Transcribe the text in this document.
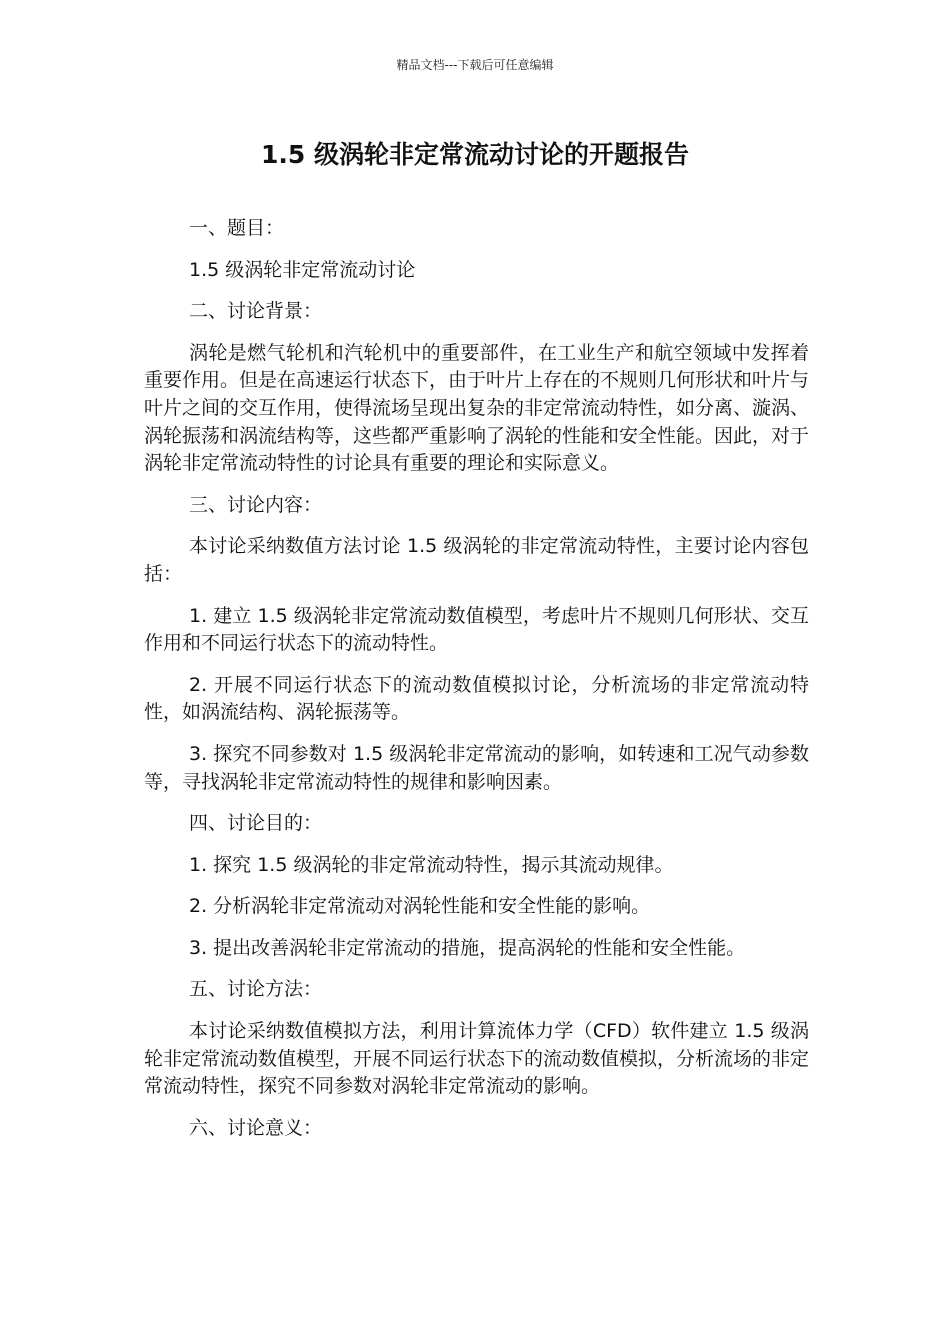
精品文档---下载后可任意编辑
1.5 级涡轮非定常流动讨论的开题报告

一、题目：

1.5 级涡轮非定常流动讨论

二、讨论背景：

涡轮是燃气轮机和汽轮机中的重要部件，在工业生产和航空领域中发挥着重要作用。但是在高速运行状态下，由于叶片上存在的不规则几何形状和叶片与叶片之间的交互作用，使得流场呈现出复杂的非定常流动特性，如分离、漩涡、涡轮振荡和涡流结构等，这些都严重影响了涡轮的性能和安全性能。因此，对于涡轮非定常流动特性的讨论具有重要的理论和实际意义。

三、讨论内容：

本讨论采纳数值方法讨论 1.5 级涡轮的非定常流动特性，主要讨论内容包括：

1. 建立 1.5 级涡轮非定常流动数值模型，考虑叶片不规则几何形状、交互作用和不同运行状态下的流动特性。

2. 开展不同运行状态下的流动数值模拟讨论，分析流场的非定常流动特性，如涡流结构、涡轮振荡等。

3. 探究不同参数对 1.5 级涡轮非定常流动的影响，如转速和工况气动参数等，寻找涡轮非定常流动特性的规律和影响因素。

四、讨论目的：

1. 探究 1.5 级涡轮的非定常流动特性，揭示其流动规律。

2. 分析涡轮非定常流动对涡轮性能和安全性能的影响。

3. 提出改善涡轮非定常流动的措施，提高涡轮的性能和安全性能。

五、讨论方法：

本讨论采纳数值模拟方法，利用计算流体力学（CFD）软件建立 1.5 级涡轮非定常流动数值模型，开展不同运行状态下的流动数值模拟，分析流场的非定常流动特性，探究不同参数对涡轮非定常流动的影响。

六、讨论意义：
